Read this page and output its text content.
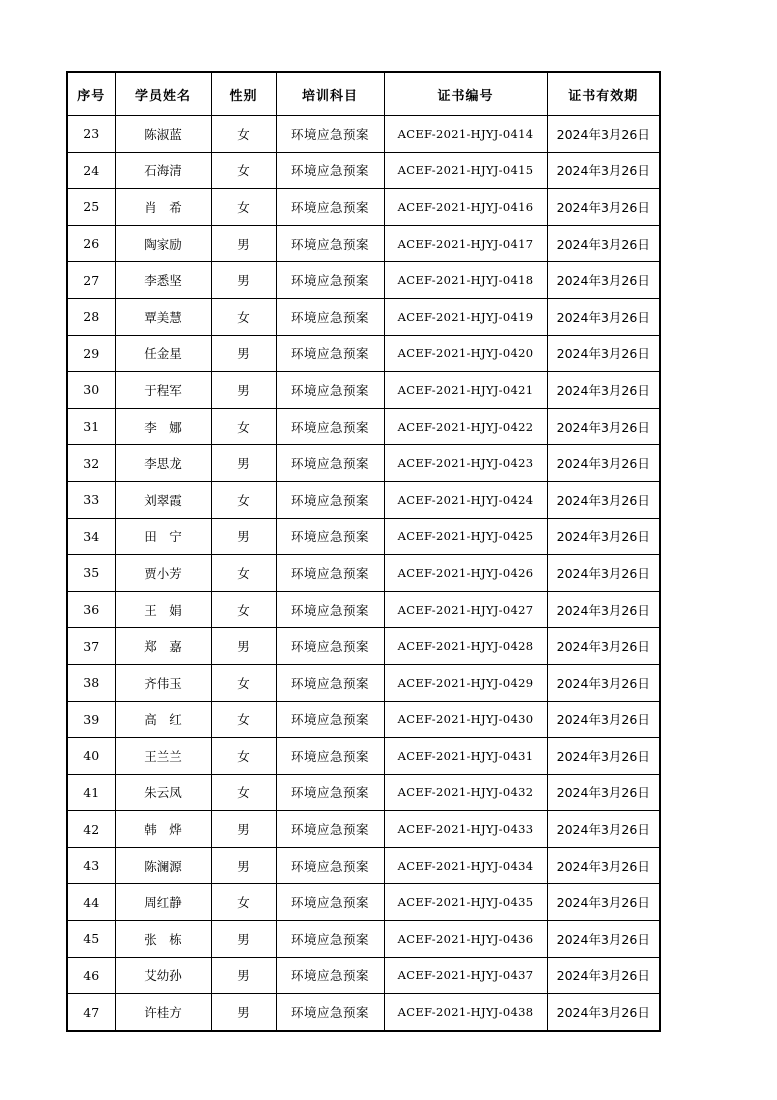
序号	学员姓名	性别	培训科目	证书编号	证书有效期
23	陈淑蓝	女	环境应急预案	ACEF-2021-HJYJ-0414	2024年3月26日
24	石海清	女	环境应急预案	ACEF-2021-HJYJ-0415	2024年3月26日
25	肖　希	女	环境应急预案	ACEF-2021-HJYJ-0416	2024年3月26日
26	陶家励	男	环境应急预案	ACEF-2021-HJYJ-0417	2024年3月26日
27	李悉坚	男	环境应急预案	ACEF-2021-HJYJ-0418	2024年3月26日
28	覃美慧	女	环境应急预案	ACEF-2021-HJYJ-0419	2024年3月26日
29	任金星	男	环境应急预案	ACEF-2021-HJYJ-0420	2024年3月26日
30	于程军	男	环境应急预案	ACEF-2021-HJYJ-0421	2024年3月26日
31	李　娜	女	环境应急预案	ACEF-2021-HJYJ-0422	2024年3月26日
32	李思龙	男	环境应急预案	ACEF-2021-HJYJ-0423	2024年3月26日
33	刘翠霞	女	环境应急预案	ACEF-2021-HJYJ-0424	2024年3月26日
34	田　宁	男	环境应急预案	ACEF-2021-HJYJ-0425	2024年3月26日
35	贾小芳	女	环境应急预案	ACEF-2021-HJYJ-0426	2024年3月26日
36	王　娟	女	环境应急预案	ACEF-2021-HJYJ-0427	2024年3月26日
37	郑　嘉	男	环境应急预案	ACEF-2021-HJYJ-0428	2024年3月26日
38	齐伟玉	女	环境应急预案	ACEF-2021-HJYJ-0429	2024年3月26日
39	高　红	女	环境应急预案	ACEF-2021-HJYJ-0430	2024年3月26日
40	王兰兰	女	环境应急预案	ACEF-2021-HJYJ-0431	2024年3月26日
41	朱云凤	女	环境应急预案	ACEF-2021-HJYJ-0432	2024年3月26日
42	韩　烨	男	环境应急预案	ACEF-2021-HJYJ-0433	2024年3月26日
43	陈澜源	男	环境应急预案	ACEF-2021-HJYJ-0434	2024年3月26日
44	周红静	女	环境应急预案	ACEF-2021-HJYJ-0435	2024年3月26日
45	张　栋	男	环境应急预案	ACEF-2021-HJYJ-0436	2024年3月26日
46	艾幼孙	男	环境应急预案	ACEF-2021-HJYJ-0437	2024年3月26日
47	许桂方	男	环境应急预案	ACEF-2021-HJYJ-0438	2024年3月26日
